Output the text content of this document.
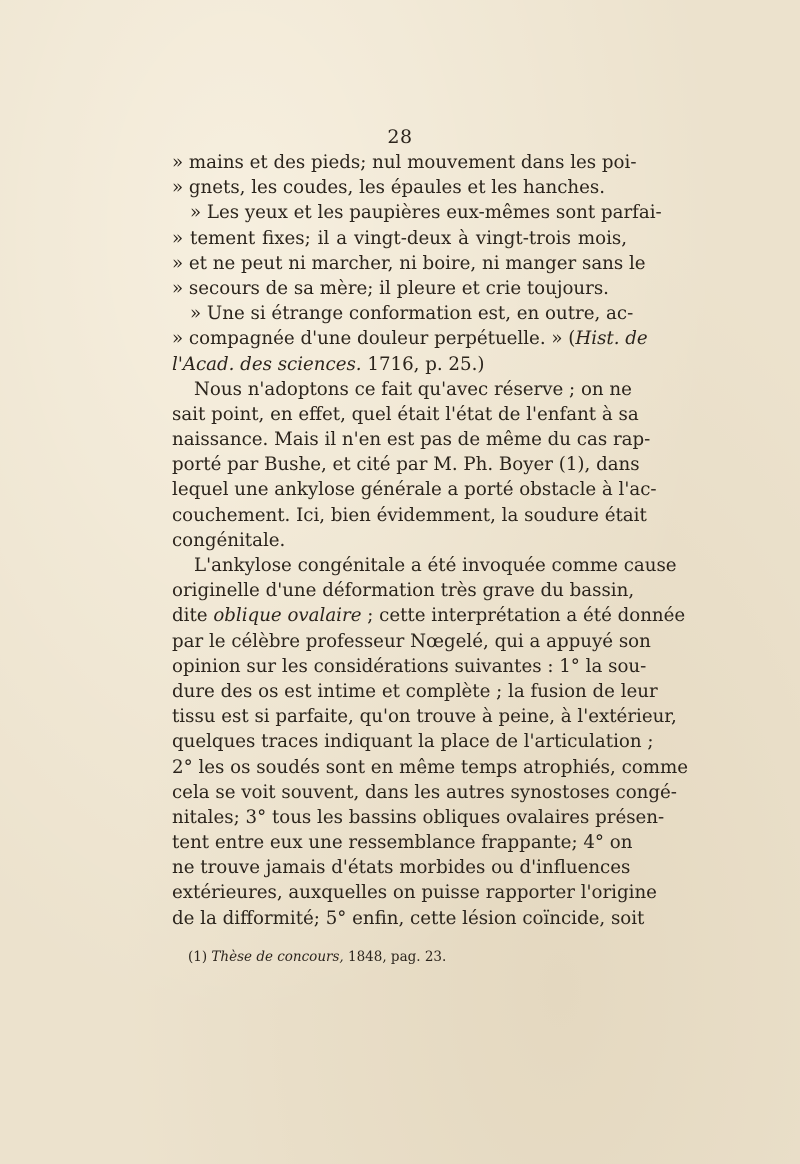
28
» mains et des pieds; nul mouvement dans les poi-
» gnets, les coudes, les épaules et les hanches.
» Les yeux et les paupières eux-mêmes sont parfai-
» tement fixes; il a vingt-deux à vingt-trois mois,
» et ne peut ni marcher, ni boire, ni manger sans le
» secours de sa mère; il pleure et crie toujours.
» Une si étrange conformation est, en outre, ac-
» compagnée d'une douleur perpétuelle. » (Hist. de
l'Acad. des sciences. 1716, p. 25.)
Nous n'adoptons ce fait qu'avec réserve ; on ne
sait point, en effet, quel était l'état de l'enfant à sa
naissance. Mais il n'en est pas de même du cas rap-
porté par Bushe, et cité par M. Ph. Boyer (1), dans
lequel une ankylose générale a porté obstacle à l'ac-
couchement. Ici, bien évidemment, la soudure était
congénitale.
L'ankylose congénitale a été invoquée comme cause
originelle d'une déformation très grave du bassin,
dite oblique ovalaire ; cette interprétation a été donnée
par le célèbre professeur Nœgelé, qui a appuyé son
opinion sur les considérations suivantes : 1° la sou-
dure des os est intime et complète ; la fusion de leur
tissu est si parfaite, qu'on trouve à peine, à l'extérieur,
quelques traces indiquant la place de l'articulation ;
2° les os soudés sont en même temps atrophiés, comme
cela se voit souvent, dans les autres synostoses congé-
nitales; 3° tous les bassins obliques ovalaires présen-
tent entre eux une ressemblance frappante; 4° on
ne trouve jamais d'états morbides ou d'influences
extérieures, auxquelles on puisse rapporter l'origine
de la difformité; 5° enfin, cette lésion coïncide, soit
(1) Thèse de concours, 1848, pag. 23.
